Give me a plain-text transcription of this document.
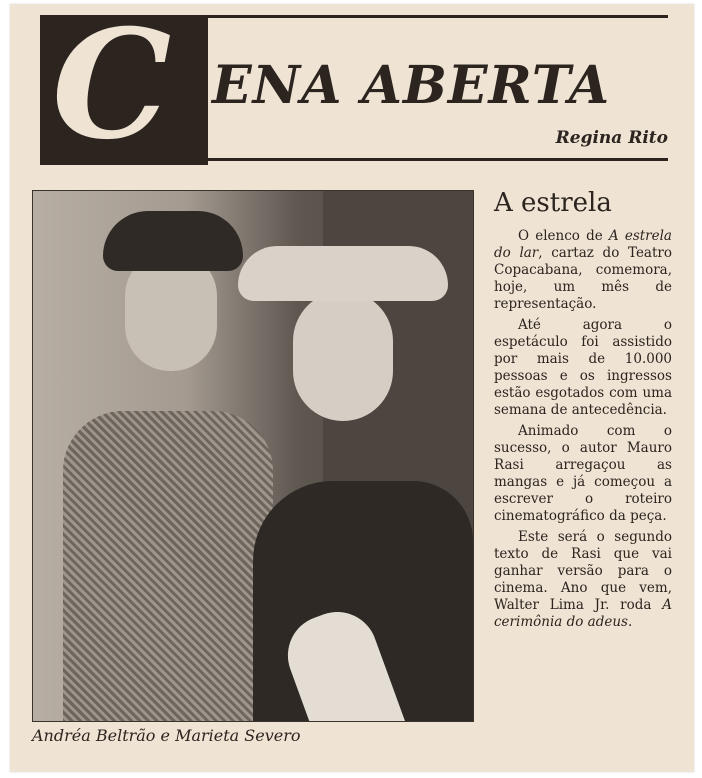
C ENA ABERTA
Regina Rito
Andréa Beltrão e Marieta Severo
A estrela

O elenco de A estrela do lar, cartaz do Teatro Copacabana, comemora, hoje, um mês de representação.

Até agora o espetáculo foi assistido por mais de 10.000 pessoas e os ingressos estão esgotados com uma semana de antecedência.

Animado com o sucesso, o autor Mauro Rasi arregaçou as mangas e já começou a escrever o roteiro cinematográfico da peça.

Este será o segundo texto de Rasi que vai ganhar versão para o cinema. Ano que vem, Walter Lima Jr. roda A cerimônia do adeus.
